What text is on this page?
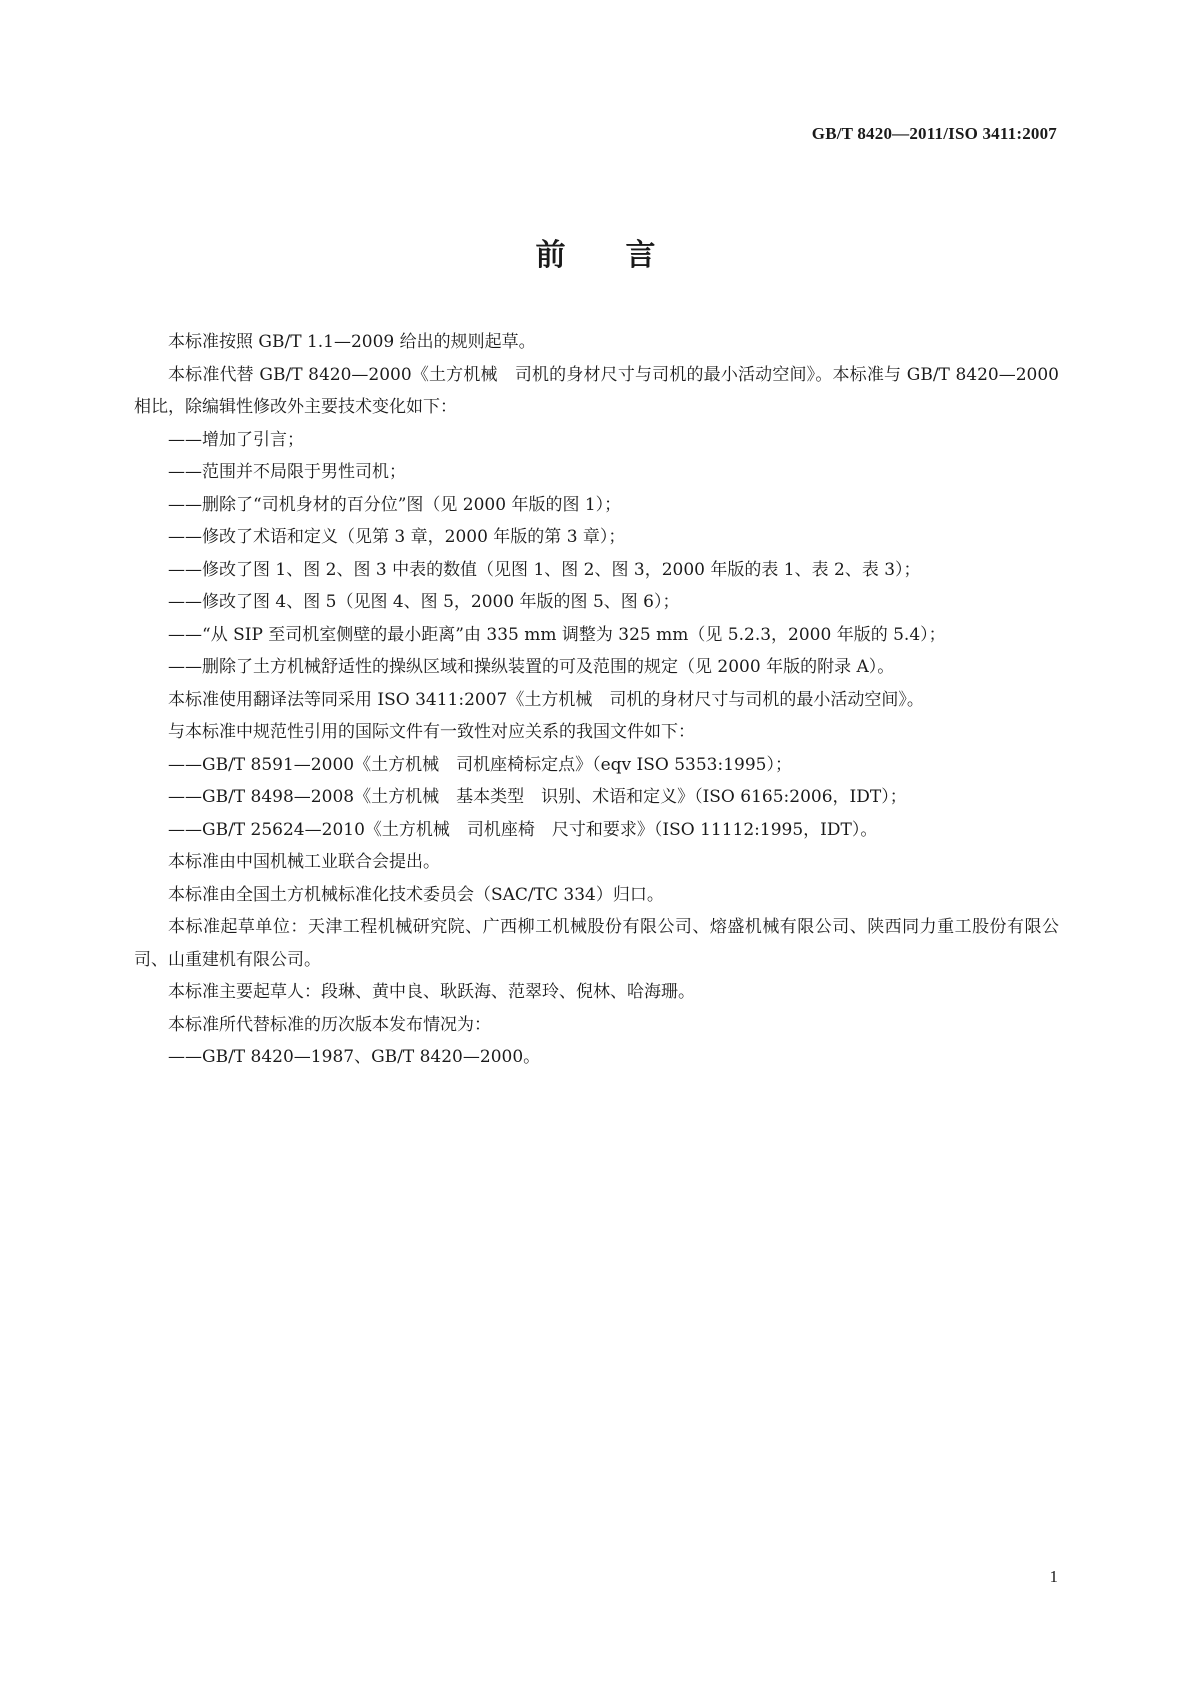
GB/T 8420—2011/ISO 3411:2007
前言

本标准按照 GB/T 1.1—2009 给出的规则起草。

本标准代替 GB/T 8420—2000《土方机械　司机的身材尺寸与司机的最小活动空间》。本标准与 GB/T 8420—2000 相比，除编辑性修改外主要技术变化如下：

——增加了引言；

——范围并不局限于男性司机；

——删除了“司机身材的百分位”图（见 2000 年版的图 1）；

——修改了术语和定义（见第 3 章，2000 年版的第 3 章）；

——修改了图 1、图 2、图 3 中表的数值（见图 1、图 2、图 3，2000 年版的表 1、表 2、表 3）；

——修改了图 4、图 5（见图 4、图 5，2000 年版的图 5、图 6）；

——“从 SIP 至司机室侧壁的最小距离”由 335 mm 调整为 325 mm（见 5.2.3，2000 年版的 5.4）；

——删除了土方机械舒适性的操纵区域和操纵装置的可及范围的规定（见 2000 年版的附录 A）。

本标准使用翻译法等同采用 ISO 3411:2007《土方机械　司机的身材尺寸与司机的最小活动空间》。

与本标准中规范性引用的国际文件有一致性对应关系的我国文件如下：

——GB/T 8591—2000《土方机械　司机座椅标定点》（eqv ISO 5353:1995）；

——GB/T 8498—2008《土方机械　基本类型　识别、术语和定义》（ISO 6165:2006，IDT）；

——GB/T 25624—2010《土方机械　司机座椅　尺寸和要求》（ISO 11112:1995，IDT）。

本标准由中国机械工业联合会提出。

本标准由全国土方机械标准化技术委员会（SAC/TC 334）归口。

本标准起草单位：天津工程机械研究院、广西柳工机械股份有限公司、熔盛机械有限公司、陕西同力重工股份有限公司、山重建机有限公司。

本标准主要起草人：段琳、黄中良、耿跃海、范翠玲、倪林、哈海珊。

本标准所代替标准的历次版本发布情况为：

——GB/T 8420—1987、GB/T 8420—2000。

1
